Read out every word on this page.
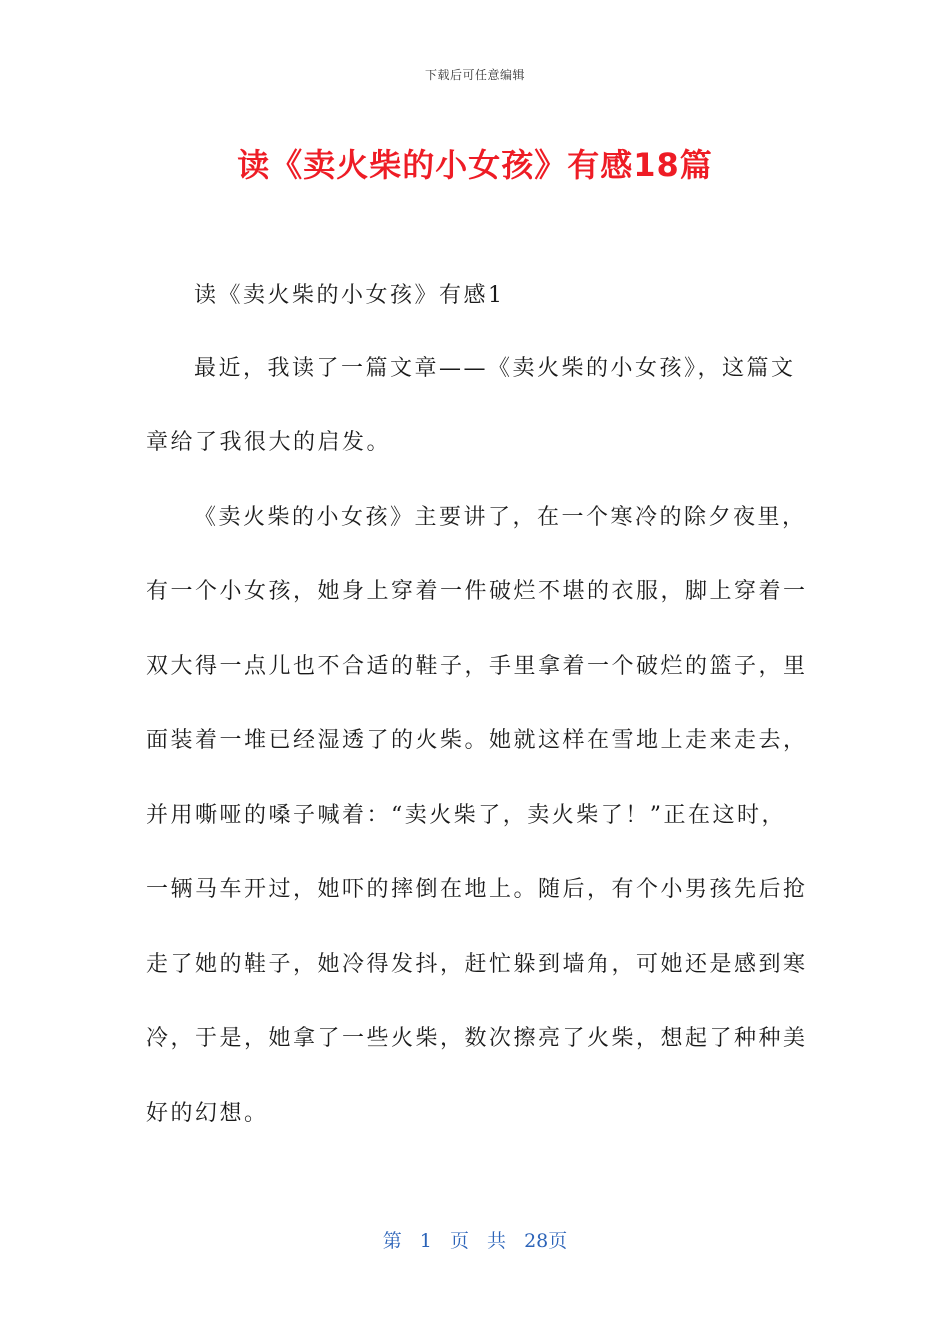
下载后可任意编辑
读《卖火柴的小女孩》有感18篇
读《卖火柴的小女孩》有感1
最近，我读了一篇文章——《卖火柴的小女孩》，这篇文
章给了我很大的启发。
《卖火柴的小女孩》主要讲了，在一个寒冷的除夕夜里，
有一个小女孩，她身上穿着一件破烂不堪的衣服，脚上穿着一
双大得一点儿也不合适的鞋子，手里拿着一个破烂的篮子，里
面装着一堆已经湿透了的火柴。她就这样在雪地上走来走去，
并用嘶哑的嗓子喊着：“卖火柴了，卖火柴了！”正在这时，
一辆马车开过，她吓的摔倒在地上。随后，有个小男孩先后抢
走了她的鞋子，她冷得发抖，赶忙躲到墙角，可她还是感到寒
冷，于是，她拿了一些火柴，数次擦亮了火柴，想起了种种美
好的幻想。
第 1 页 共 28页
